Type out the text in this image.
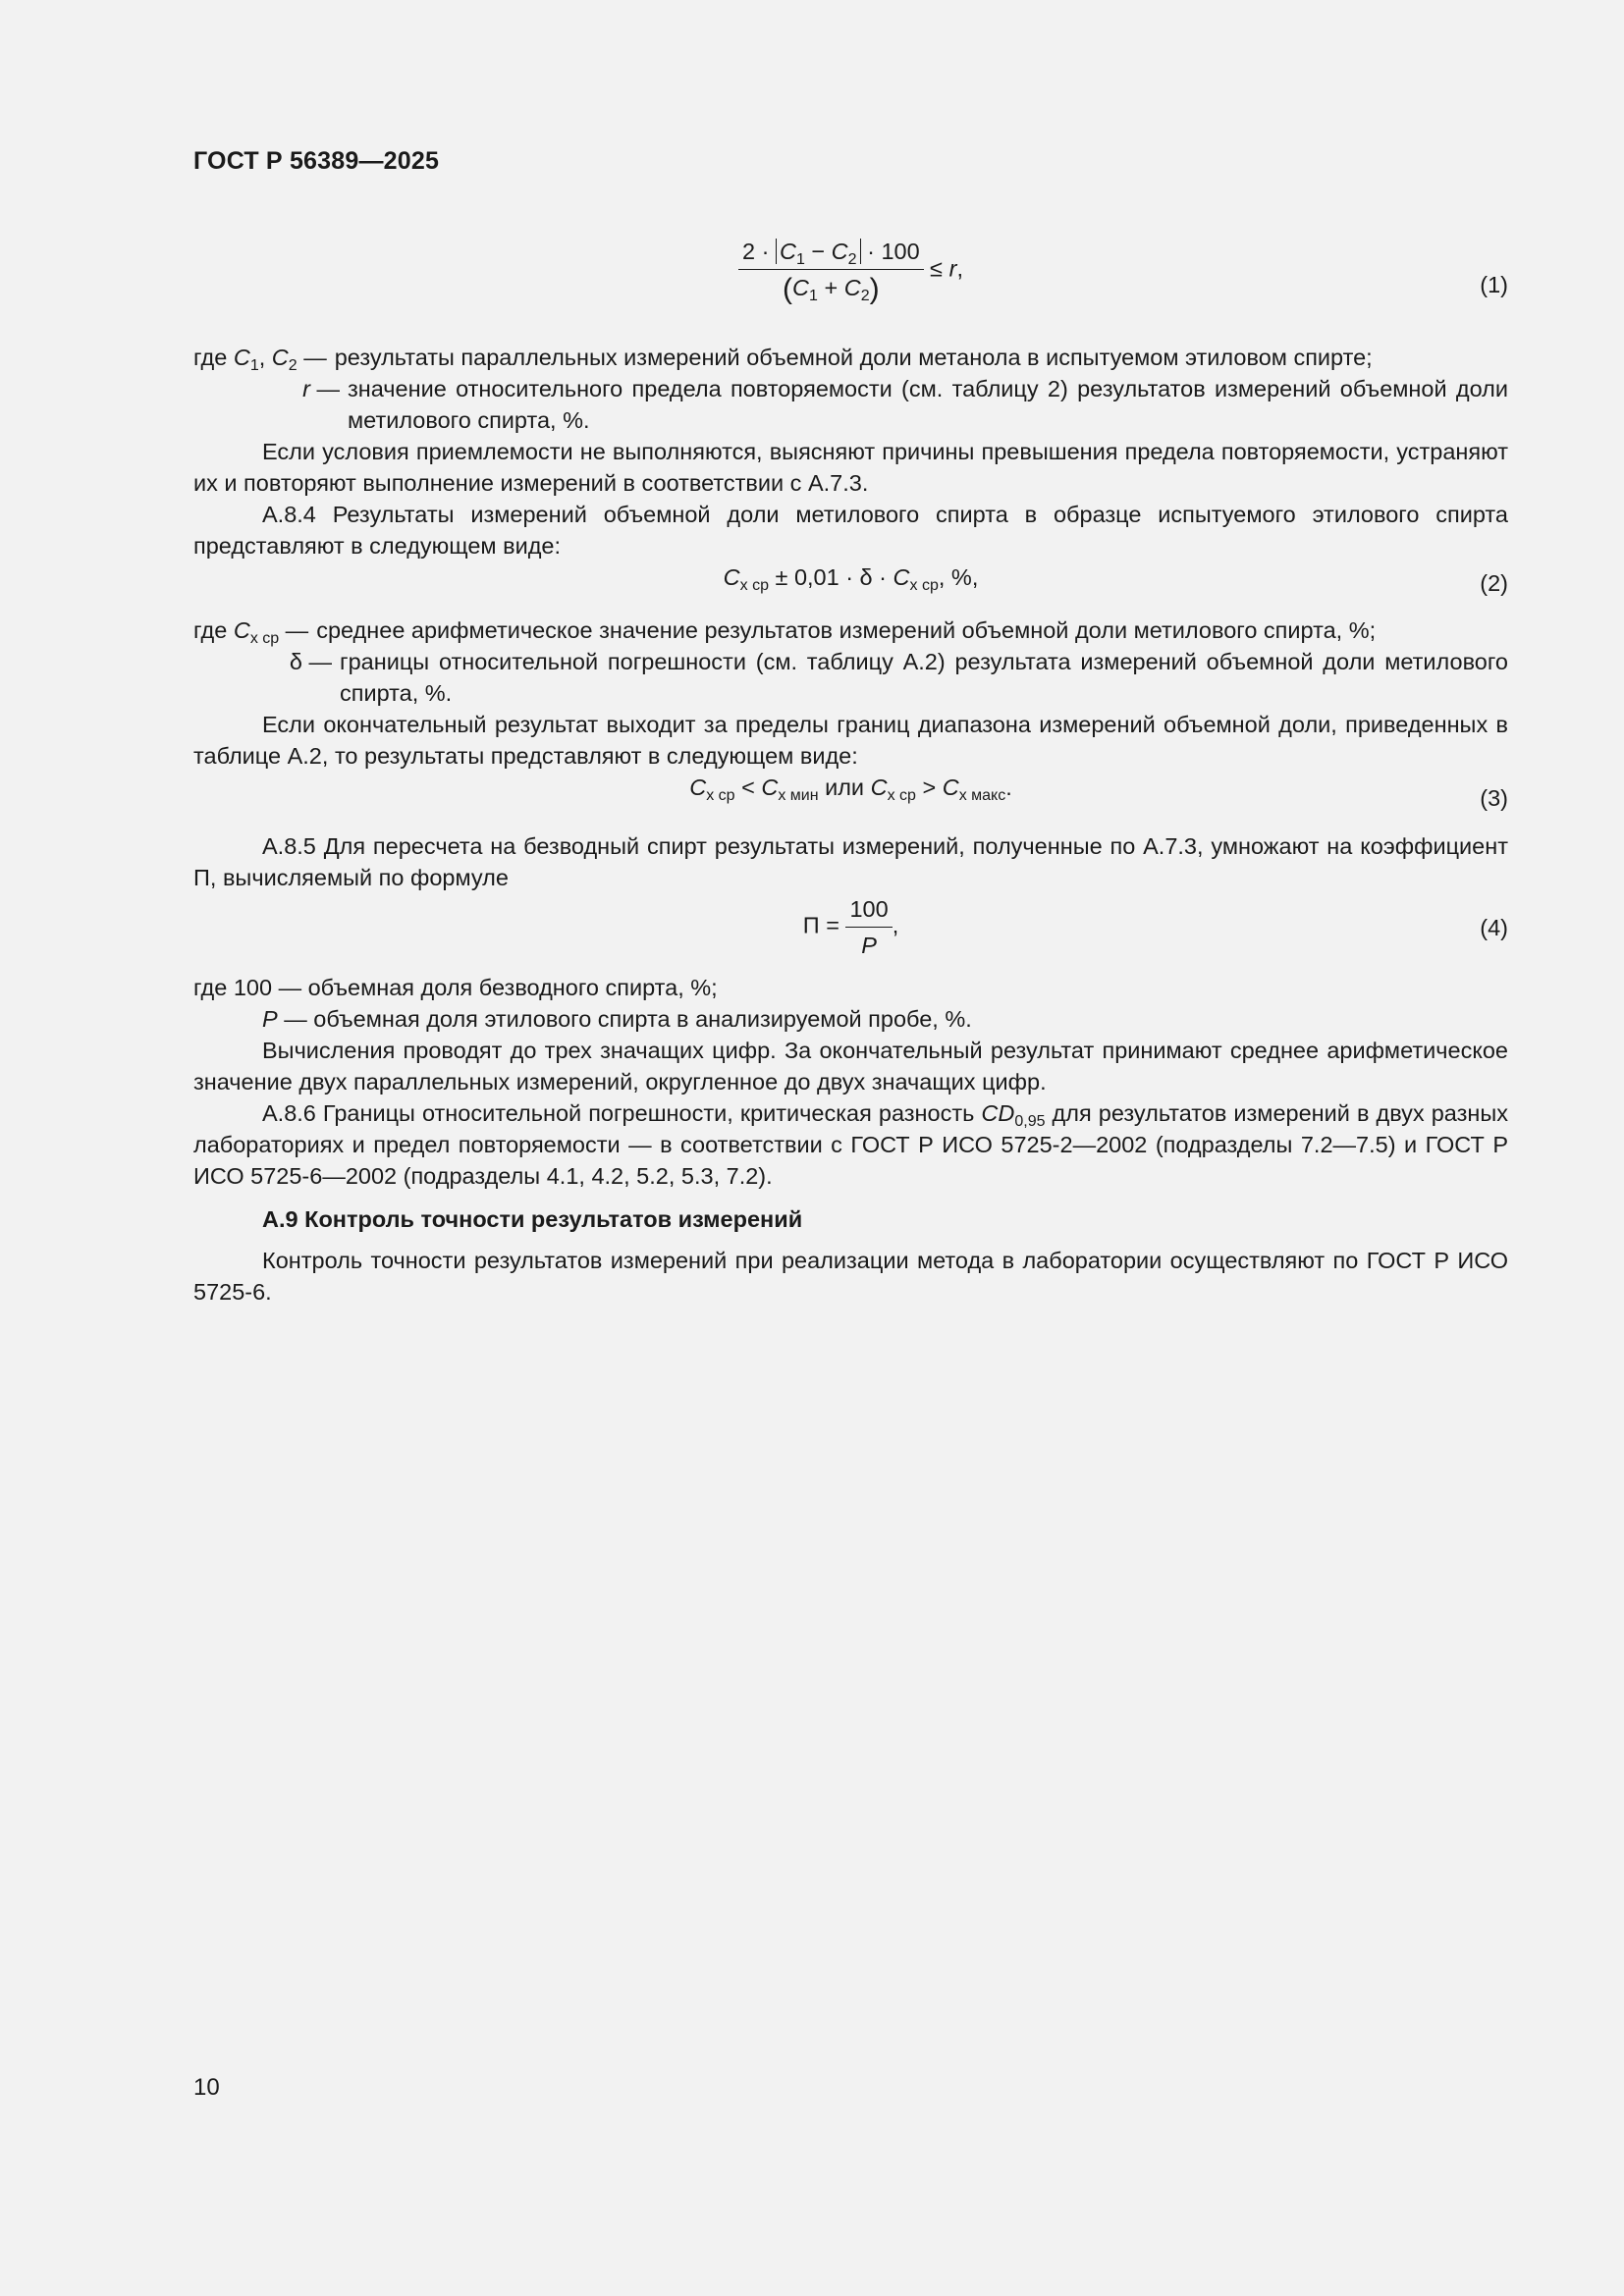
ГОСТ Р 56389—2025
$\frac{2 \cdot C_1 - C_2 \cdot 100}{(C_1 + C_2)} \le r$,
(1)
где $C_1$, $C_2$ — результаты параллельных измерений объемной доли метанола в испытуемом этиловом спирте;
r — значение относительного предела повторяемости (см. таблицу 2) результатов измерений объемной доли метилового спирта, %.

Если условия приемлемости не выполняются, выясняют причины превышения предела повторяемости, устраняют их и повторяют выполнение измерений в соответствии с А.7.3.

А.8.4 Результаты измерений объемной доли метилового спирта в образце испытуемого этилового спирта представляют в следующем виде:

$C_{x ср} \pm 0,01 \cdot \delta \cdot C_{x ср}$, %,	(2)
где $C_{x ср}$ — среднее арифметическое значение результатов измерений объемной доли метилового спирта, %;
δ — границы относительной погрешности (см. таблицу А.2) результата измерений объемной доли метилового спирта, %.

Если окончательный результат выходит за пределы границ диапазона измерений объемной доли, приведенных в таблице А.2, то результаты представляют в следующем виде:

$C_{x ср} < C_{x мин}$ или $C_{x ср} > C_{x макс}$.	(3)

А.8.5 Для пересчета на безводный спирт результаты измерений, полученные по А.7.3, умножают на коэффициент П, вычисляемый по формуле

$П = \frac{100}{P}$ ,	(4)

где 100 — объемная доля безводного спирта, %;

P — объемная доля этилового спирта в анализируемой пробе, %.

Вычисления проводят до трех значащих цифр. За окончательный результат принимают среднее арифметическое значение двух параллельных измерений, округленное до двух значащих цифр.

А.8.6 Границы относительной погрешности, критическая разность $CD_{0,95}$ для результатов измерений в двух разных лабораториях и предел повторяемости — в соответствии с ГОСТ Р ИСО 5725-2—2002 (подразделы 7.2—7.5) и ГОСТ Р ИСО 5725-6—2002 (подразделы 4.1, 4.2, 5.2, 5.3, 7.2).

А.9 Контроль точности результатов измерений

Контроль точности результатов измерений при реализации метода в лаборатории осуществляют по ГОСТ Р ИСО 5725-6.

10
